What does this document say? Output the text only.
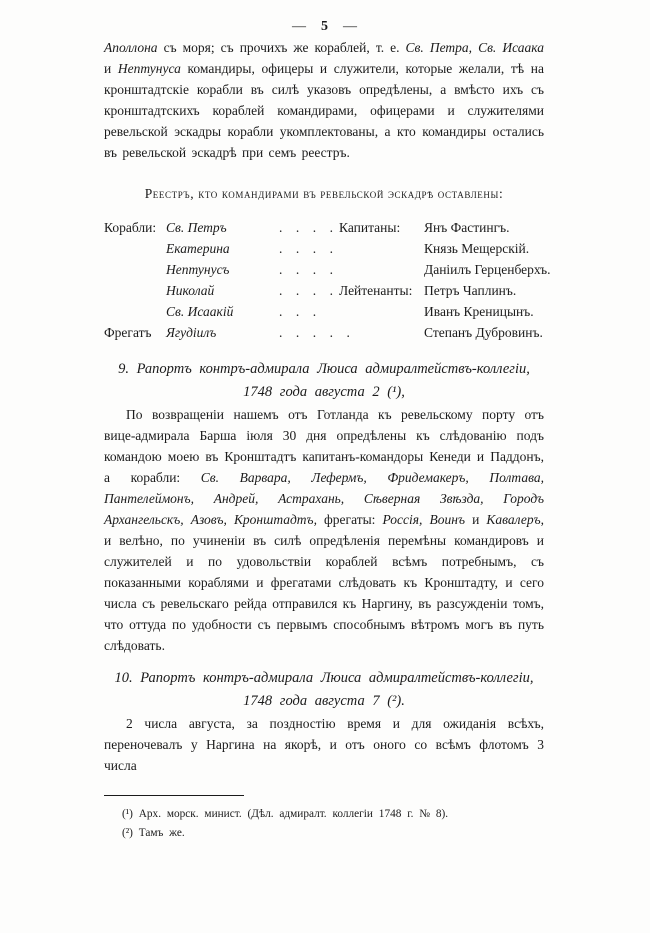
— 5 —

Аполлона съ моря; съ прочихъ же кораблей, т. е. Св. Петра, Св. Исаака и Нептунуса командиры, офицеры и служители, которые желали, тѣ на кронштадтскіе корабли въ силѣ указовъ опредѣлены, а вмѣсто ихъ съ кронштадтскихъ кораблей командирами, офицерами и служителями ревельской эскадры корабли укомплектованы, а кто командиры остались въ ревельской эскадрѣ при семъ реестръ.

Реестръ, кто командирами въ ревельской эскадрѣ оставлены:
Корабли: Св. Петръ	. . . . Капитаны:	Янъ Фастингъ.
Екатерина	. . . .	Князь Мещерскій.
Нептунусъ	. . . .	Даніилъ Герценберхъ.
Николай	. . . . Лейтенанты: Петръ Чаплинъ.
Св. Исаакій	. . .	Иванъ Креницынъ.
Фрегатъ	Ягудіилъ	. . . . .	Степанъ Дубровинъ.
9. Рапортъ контръ-адмирала Люиса адмиралтействъ-коллегіи,
1748 года августа 2 (¹),

По возвращеніи нашемъ отъ Готланда къ ревельскому порту отъ вице-адмирала Барша іюля 30 дня опредѣлены къ слѣдованію подъ командою моею въ Кронштадтъ капитанъ-командоры Кенеди и Паддонъ, а корабли: Св. Варвара, Лефермъ, Фридемакеръ, Полтава, Пантелеймонъ, Андрей, Астрахань, Сѣверная Звѣзда, Городъ Архангельскъ, Азовъ, Кронштадтъ, фрегаты: Россія, Воинъ и Кавалеръ, и велѣно, по учиненіи въ силѣ опредѣленія перемѣны командировъ и служителей и по удовольствіи кораблей всѣмъ потребнымъ, съ показанными кораблями и фрегатами слѣдовать къ Кронштадту, и сего числа съ ревельскаго рейда отправился къ Наргину, въ разсужденіи томъ, что оттуда по удобности съ первымъ способнымъ вѣтромъ могъ въ путь слѣдовать.

10. Рапортъ контръ-адмирала Люиса адмиралтействъ-коллегіи,
1748 года августа 7 (²).

2 числа августа, за поздностію время и для ожиданія всѣхъ, переночевалъ у Наргина на якорѣ, и отъ оного со всѣмъ флотомъ 3 числа

(¹) Арх. морск. минист. (Дѣл. адмиралт. коллегіи 1748 г. № 8).

(²) Тамъ же.
